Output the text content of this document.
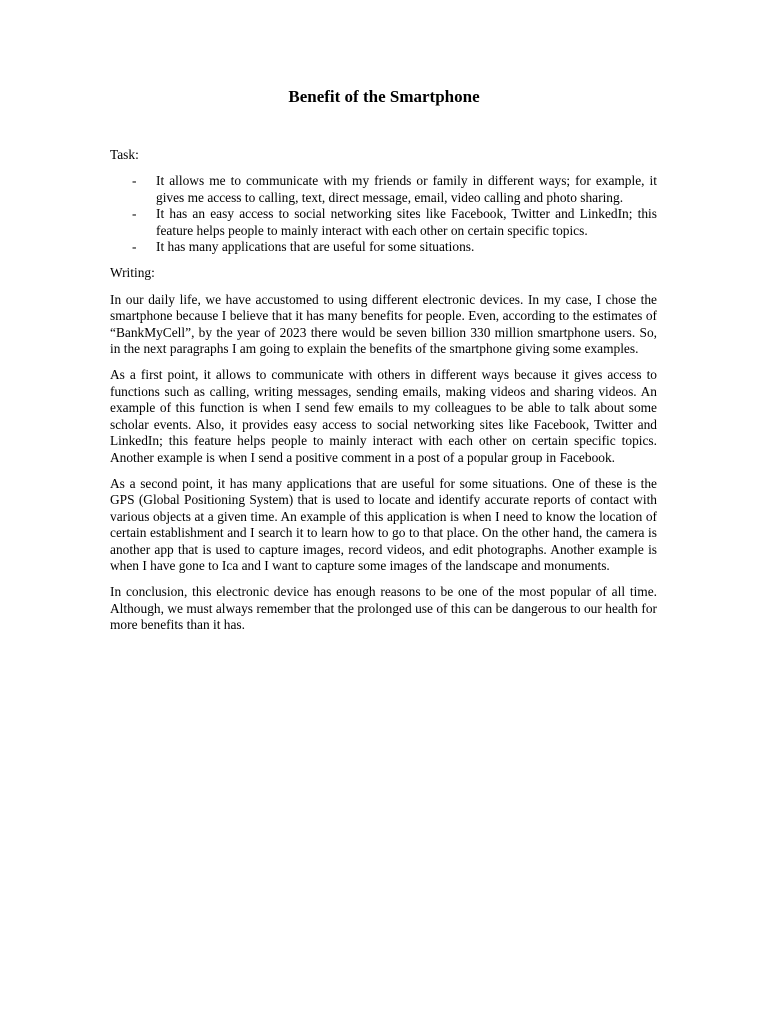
Benefit of the Smartphone

Task:

- It allows me to communicate with my friends or family in different ways; for example, it gives me access to calling, text, direct message, email, video calling and photo sharing.
- It has an easy access to social networking sites like Facebook, Twitter and LinkedIn; this feature helps people to mainly interact with each other on certain specific topics.
- It has many applications that are useful for some situations.

Writing:

In our daily life, we have accustomed to using different electronic devices. In my case, I chose the smartphone because I believe that it has many benefits for people. Even, according to the estimates of “BankMyCell”, by the year of 2023 there would be seven billion 330 million smartphone users. So, in the next paragraphs I am going to explain the benefits of the smartphone giving some examples.

As a first point, it allows to communicate with others in different ways because it gives access to functions such as calling, writing messages, sending emails, making videos and sharing videos. An example of this function is when I send few emails to my colleagues to be able to talk about some scholar events. Also, it provides easy access to social networking sites like Facebook, Twitter and LinkedIn; this feature helps people to mainly interact with each other on certain specific topics. Another example is when I send a positive comment in a post of a popular group in Facebook.

As a second point, it has many applications that are useful for some situations. One of these is the GPS (Global Positioning System) that is used to locate and identify accurate reports of contact with various objects at a given time. An example of this application is when I need to know the location of certain establishment and I search it to learn how to go to that place. On the other hand, the camera is another app that is used to capture images, record videos, and edit photographs. Another example is when I have gone to Ica and I want to capture some images of the landscape and monuments.

In conclusion, this electronic device has enough reasons to be one of the most popular of all time. Although, we must always remember that the prolonged use of this can be dangerous to our health for more benefits than it has.
